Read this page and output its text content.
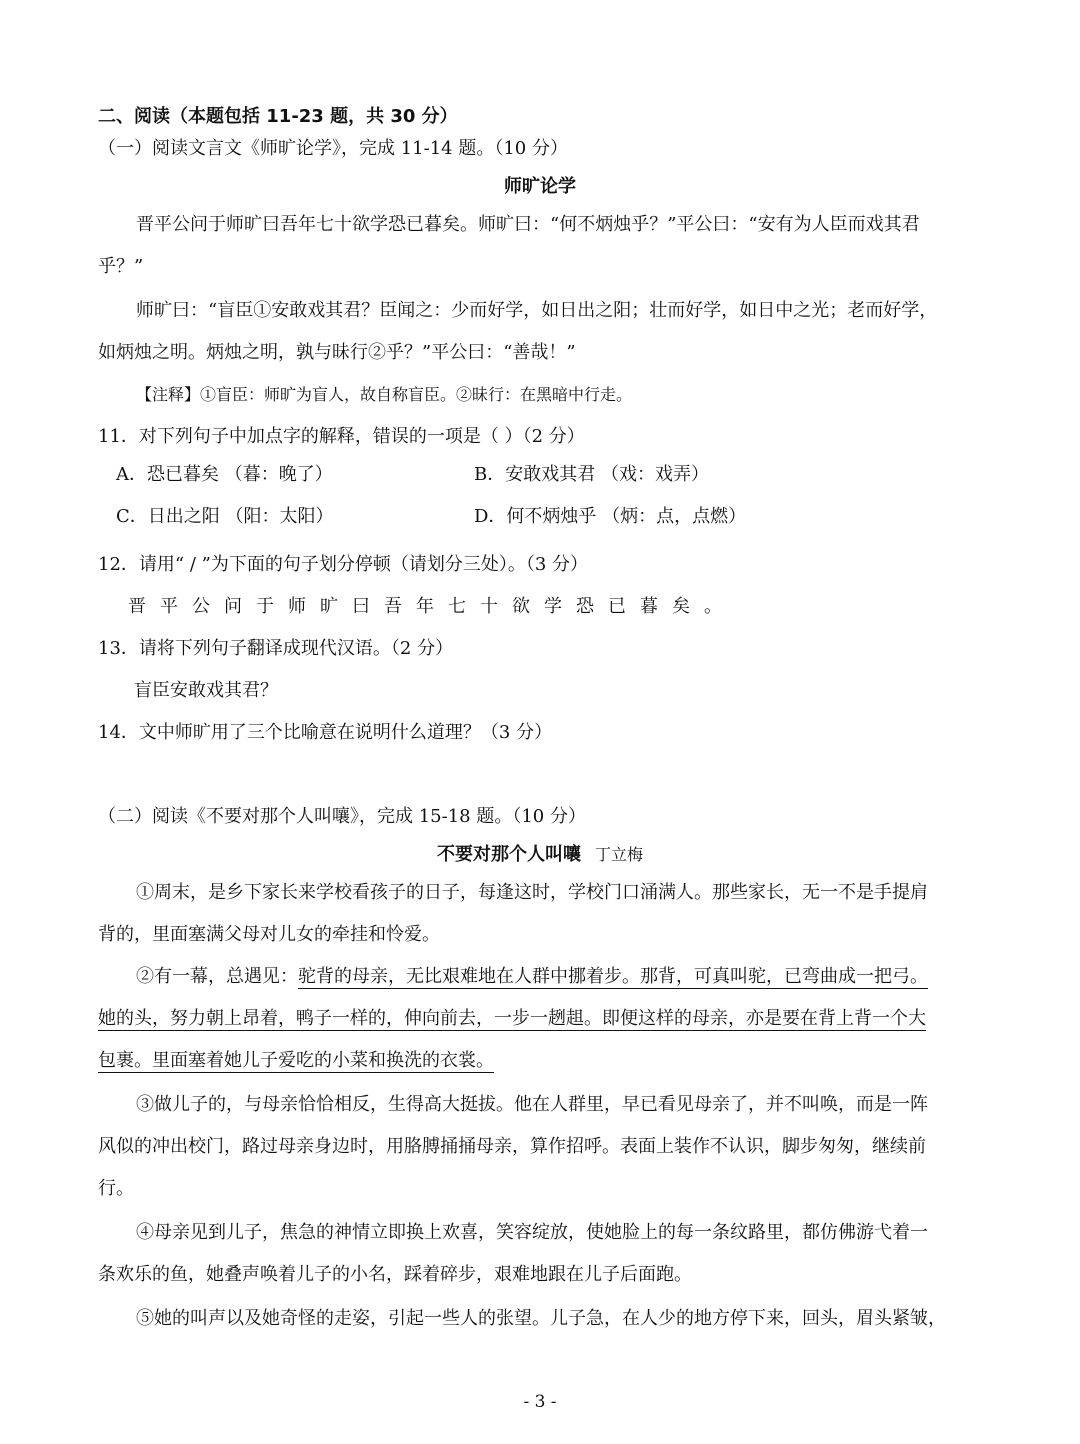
二、阅读（本题包括 11-23 题，共 30 分）
（一）阅读文言文《师旷论学》，完成 11-14 题。（10 分）
师旷论学
晋平公问于师旷曰吾年七十欲学恐已暮矣。师旷曰：“何不炳烛乎？”平公曰：“安有为人臣而戏其君
乎？”
师旷曰：“盲臣①安敢戏其君？臣闻之：少而好学，如日出之阳；壮而好学，如日中之光；老而好学，
如炳烛之明。炳烛之明，孰与昧行②乎？”平公曰：“善哉！”
【注释】①盲臣：师旷为盲人，故自称盲臣。②昧行：在黑暗中行走。
11．对下列句子中加点字的解释，错误的一项是（ ）（2 分）
A．恐已暮矣 （暮：晚了）	B．安敢戏其君 （戏：戏弄）
C．日出之阳 （阳：太阳）	D．何不炳烛乎 （炳：点，点燃）
12．请用“ / ”为下面的句子划分停顿（请划分三处）。（3 分）
晋平公问于师旷曰吾年七十欲学恐已暮矣。
13．请将下列句子翻译成现代汉语。（2 分）
盲臣安敢戏其君？
14．文中师旷用了三个比喻意在说明什么道理？（3 分）
（二）阅读《不要对那个人叫嚷》，完成 15-18 题。（10 分）
不要对那个人叫嚷 丁立梅
①周末，是乡下家长来学校看孩子的日子，每逢这时，学校门口涌满人。那些家长，无一不是手提肩
背的，里面塞满父母对儿女的牵挂和怜爱。
②有一幕，总遇见：驼背的母亲，无比艰难地在人群中挪着步。那背，可真叫驼，已弯曲成一把弓。
她的头，努力朝上昂着，鸭子一样的，伸向前去，一步一趔趄。即便这样的母亲，亦是要在背上背一个大
包裹。里面塞着她儿子爱吃的小菜和换洗的衣裳。
③做儿子的，与母亲恰恰相反，生得高大挺拔。他在人群里，早已看见母亲了，并不叫唤，而是一阵
风似的冲出校门，路过母亲身边时，用胳膊捅捅母亲，算作招呼。表面上装作不认识，脚步匆匆，继续前
行。
④母亲见到儿子，焦急的神情立即换上欢喜，笑容绽放，使她脸上的每一条纹路里，都仿佛游弋着一
条欢乐的鱼，她叠声唤着儿子的小名，踩着碎步，艰难地跟在儿子后面跑。
⑤她的叫声以及她奇怪的走姿，引起一些人的张望。儿子急，在人少的地方停下来，回头，眉头紧皱，
- 3 -
